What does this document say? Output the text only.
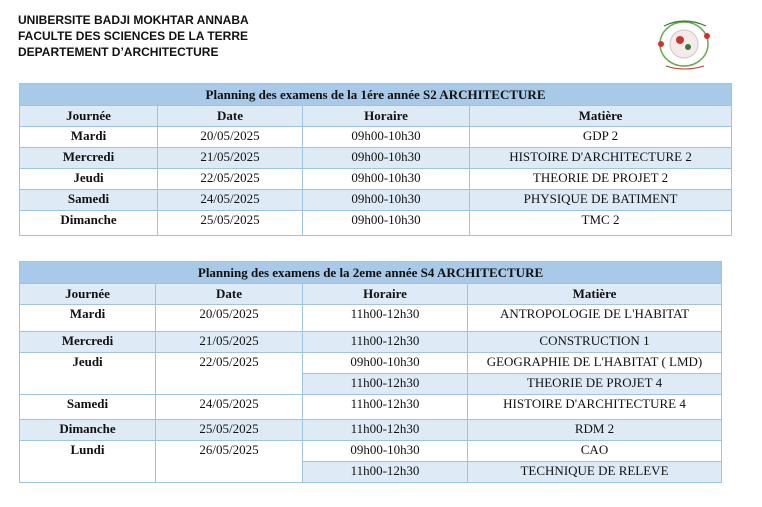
UNIBERSITE BADJI MOKHTAR ANNABA
FACULTE DES SCIENCES DE LA TERRE
DEPARTEMENT D’ARCHITECTURE
Planning des examens de la 1ére année S2 ARCHITECTURE			
Journée	Date	Horaire	Matière
Mardi	20/05/2025	09h00-10h30	GDP 2
Mercredi	21/05/2025	09h00-10h30	HISTOIRE D'ARCHITECTURE 2
Jeudi	22/05/2025	09h00-10h30	THEORIE DE PROJET 2
Samedi	24/05/2025	09h00-10h30	PHYSIQUE DE BATIMENT
Dimanche	25/05/2025	09h00-10h30	TMC 2
Planning des examens de la 2eme année S4 ARCHITECTURE			
Journée	Date	Horaire	Matière
Mardi	20/05/2025	11h00-12h30	ANTROPOLOGIE DE L'HABITAT
Mercredi	21/05/2025	11h00-12h30	CONSTRUCTION 1
Jeudi	22/05/2025	09h00-10h30	GEOGRAPHIE DE L'HABITAT ( LMD)
		11h00-12h30	THEORIE DE PROJET 4
Samedi	24/05/2025	11h00-12h30	HISTOIRE D'ARCHITECTURE 4
Dimanche	25/05/2025	11h00-12h30	RDM 2
Lundi	26/05/2025	09h00-10h30	CAO
		11h00-12h30	TECHNIQUE DE RELEVE
